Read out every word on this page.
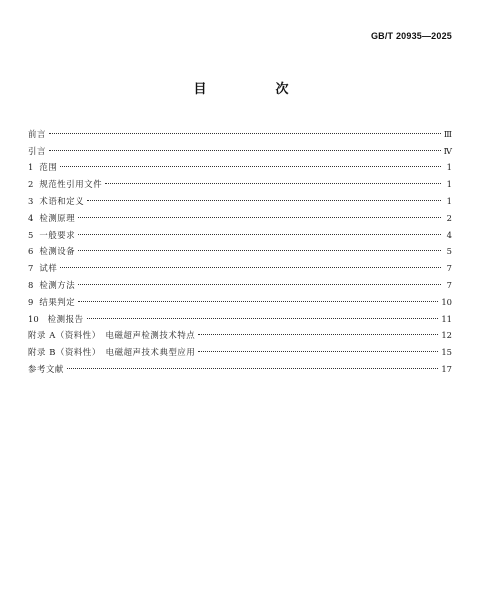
GB/T 20935—2025
目　次
前言	Ⅲ
引言	Ⅳ
1 范围	1
2 规范性引用文件	1
3 术语和定义	1
4 检测原理	2
5 一般要求	4
6 检测设备	5
7 试样	7
8 检测方法	7
9 结果判定	10
10 检测报告	11
附录 A（资料性）　电磁超声检测技术特点	12
附录 B（资料性）　电磁超声技术典型应用	15
参考文献	17
